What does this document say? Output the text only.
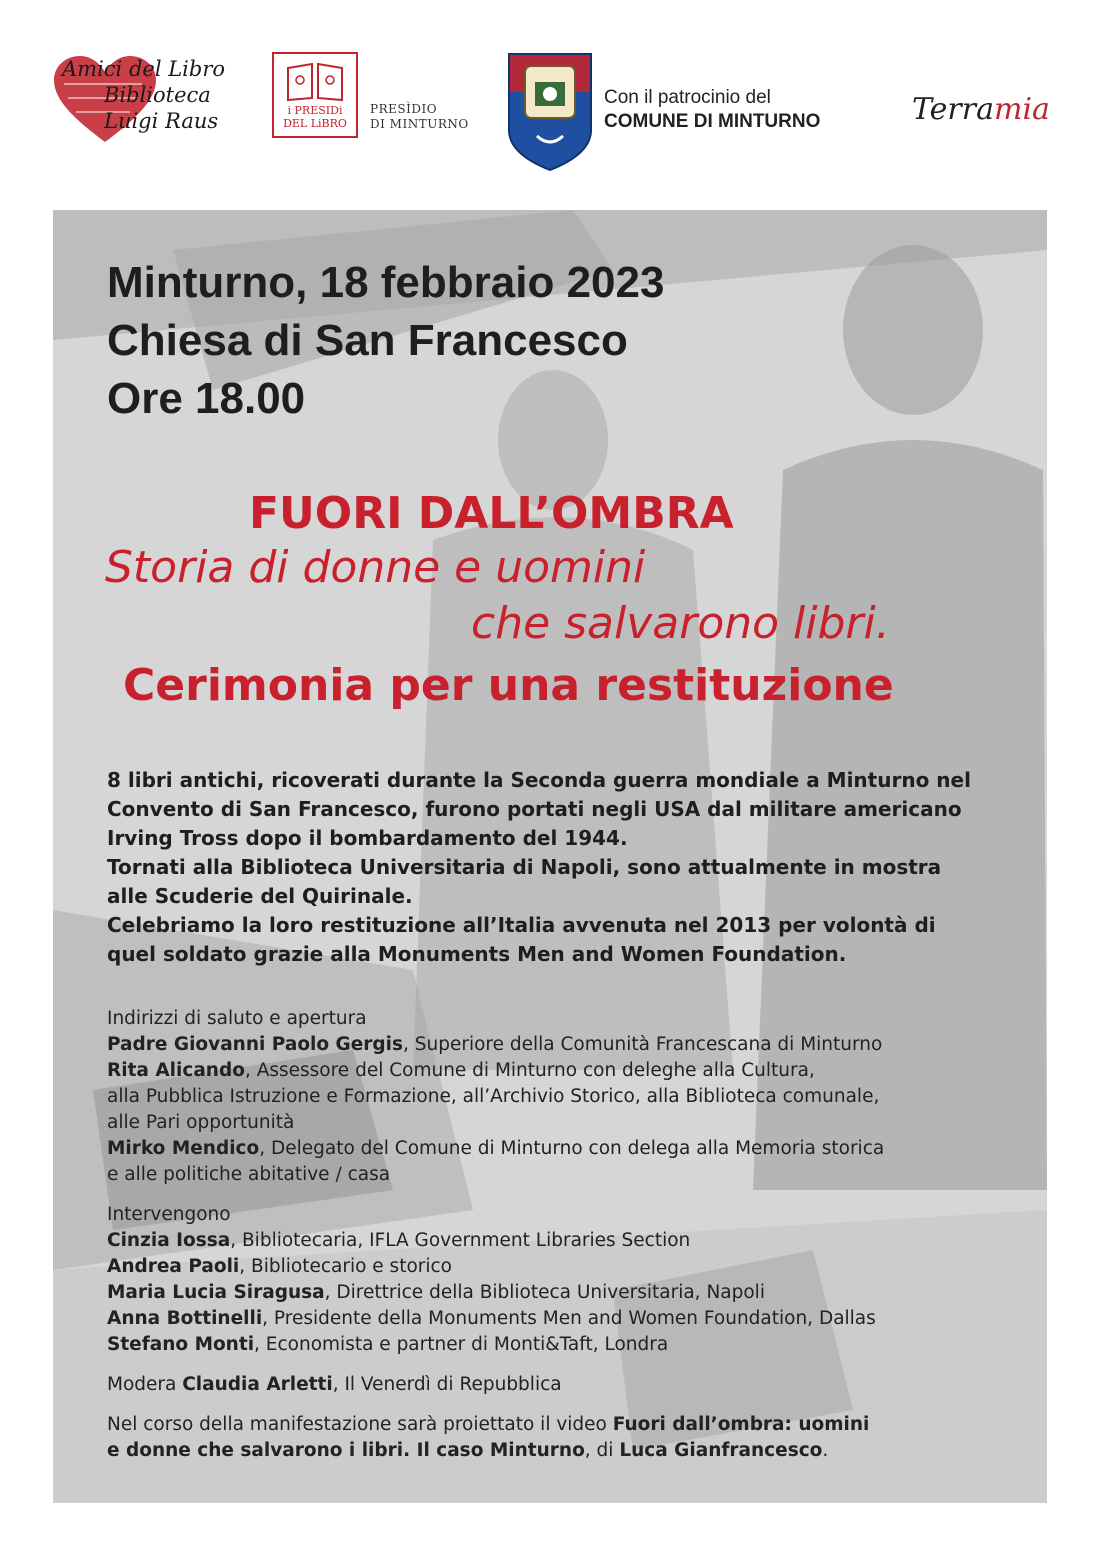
Amici del Libro
Biblioteca
Luigi Raus	i PRESIDi
DEL LiBRO
PRESÌDIO
DI MINTURNO
Con il patrocinio del
COMUNE DI MINTURNO	Terramia
Minturno, 18 febbraio 2023
Chiesa di San Francesco
Ore 18.00
FUORI DALL’OMBRA
Storia di donne e uomini
che salvarono libri.
Cerimonia per una restituzione
8 libri antichi, ricoverati durante la Seconda guerra mondiale a Minturno nel
Convento di San Francesco, furono portati negli USA dal militare americano
Irving Tross dopo il bombardamento del 1944.
Tornati alla Biblioteca Universitaria di Napoli, sono attualmente in mostra
alle Scuderie del Quirinale.
Celebriamo la loro restituzione all’Italia avvenuta nel 2013 per volontà di
quel soldato grazie alla Monuments Men and Women Foundation.
Indirizzi di saluto e apertura
Padre Giovanni Paolo Gergis, Superiore della Comunità Francescana di Minturno
Rita Alicando, Assessore del Comune di Minturno con deleghe alla Cultura,
alla Pubblica Istruzione e Formazione, all’Archivio Storico, alla Biblioteca comunale,
alle Pari opportunità
Mirko Mendico, Delegato del Comune di Minturno con delega alla Memoria storica
e alle politiche abitative / casa
Intervengono
Cinzia Iossa, Bibliotecaria, IFLA Government Libraries Section
Andrea Paoli, Bibliotecario e storico
Maria Lucia Siragusa, Direttrice della Biblioteca Universitaria, Napoli
Anna Bottinelli, Presidente della Monuments Men and Women Foundation, Dallas
Stefano Monti, Economista e partner di Monti&Taft, Londra
Modera Claudia Arletti, Il Venerdì di Repubblica
Nel corso della manifestazione sarà proiettato il video Fuori dall’ombra: uomini
e donne che salvarono i libri. Il caso Minturno, di Luca Gianfrancesco.
